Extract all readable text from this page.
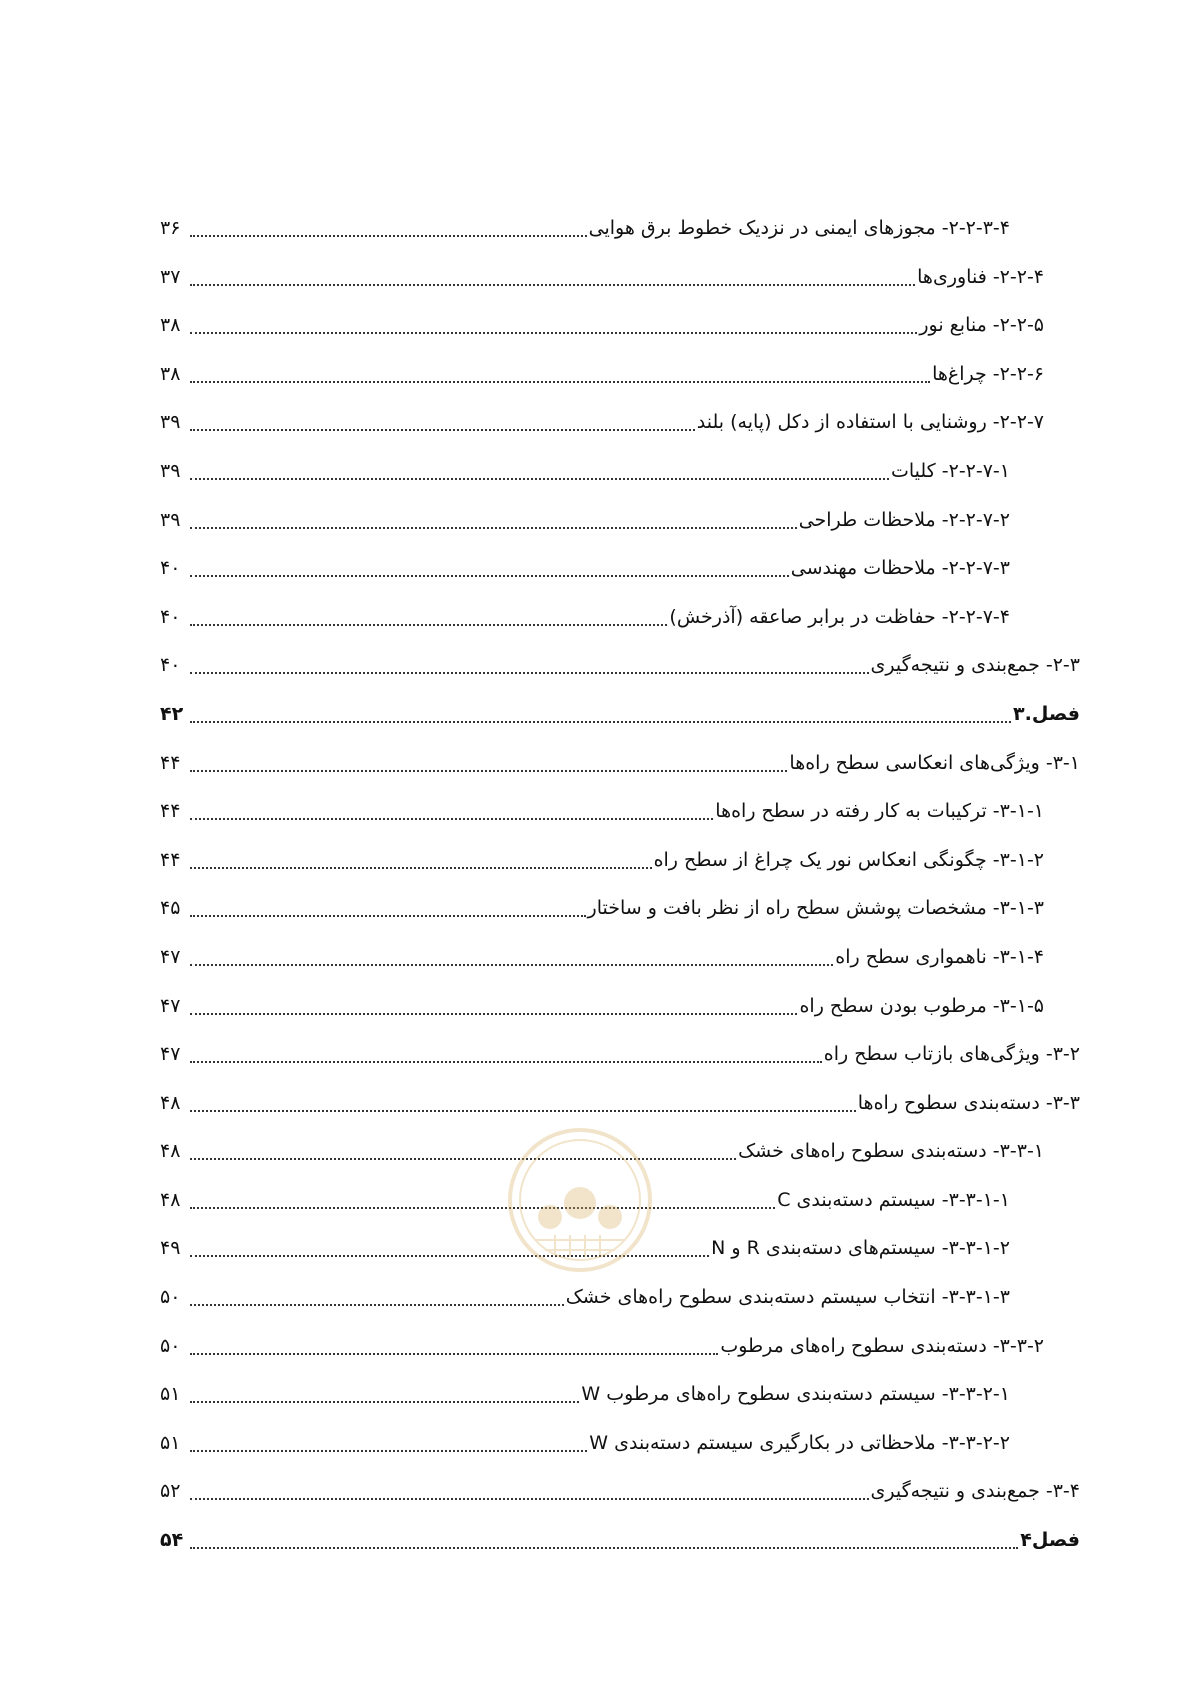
۲-۲-۳-۴- مجوزهای ایمنی در نزدیک خطوط برق هوایی
۳۶
۲-۲-۴- فناوری‌ها
۳۷
۲-۲-۵- منابع نور
۳۸
۲-۲-۶- چراغ‌ها
۳۸
۲-۲-۷- روشنایی با استفاده از دکل (پایه) بلند
۳۹
۲-۲-۷-۱- کلیات
۳۹
۲-۲-۷-۲- ملاحظات طراحی
۳۹
۲-۲-۷-۳- ملاحظات مهندسی
۴۰
۲-۲-۷-۴- حفاظت در برابر صاعقه (آذرخش)
۴۰
۲-۳- جمع‌بندی و نتیجه‌گیری
۴۰
فصل.۳
۴۲
۳-۱- ویژگی‌های انعکاسی سطح راه‌ها
۴۴
۳-۱-۱- ترکیبات به کار رفته در سطح راه‌ها
۴۴
۳-۱-۲- چگونگی انعکاس نور یک چراغ از سطح راه
۴۴
۳-۱-۳- مشخصات پوشش سطح راه از نظر بافت و ساختار
۴۵
۳-۱-۴- ناهمواری سطح راه
۴۷
۳-۱-۵- مرطوب بودن سطح راه
۴۷
۳-۲- ویژگی‌های بازتاب سطح راه
۴۷
۳-۳- دسته‌بندی سطوح راه‌ها
۴۸
۳-۳-۱- دسته‌بندی سطوح راه‌های خشک
۴۸
۳-۳-۱-۱- سیستم دسته‌بندی C
۴۸
۳-۳-۱-۲- سیستم‌های دسته‌بندی R و N
۴۹
۳-۳-۱-۳- انتخاب سیستم دسته‌بندی سطوح راه‌های خشک
۵۰
۳-۳-۲- دسته‌بندی سطوح راه‌های مرطوب
۵۰
۳-۳-۲-۱- سیستم دسته‌بندی سطوح راه‌های مرطوب W
۵۱
۳-۳-۲-۲- ملاحظاتی در بکارگیری سیستم دسته‌بندی W
۵۱
۳-۴- جمع‌بندی و نتیجه‌گیری
۵۲
فصل۴
۵۴
